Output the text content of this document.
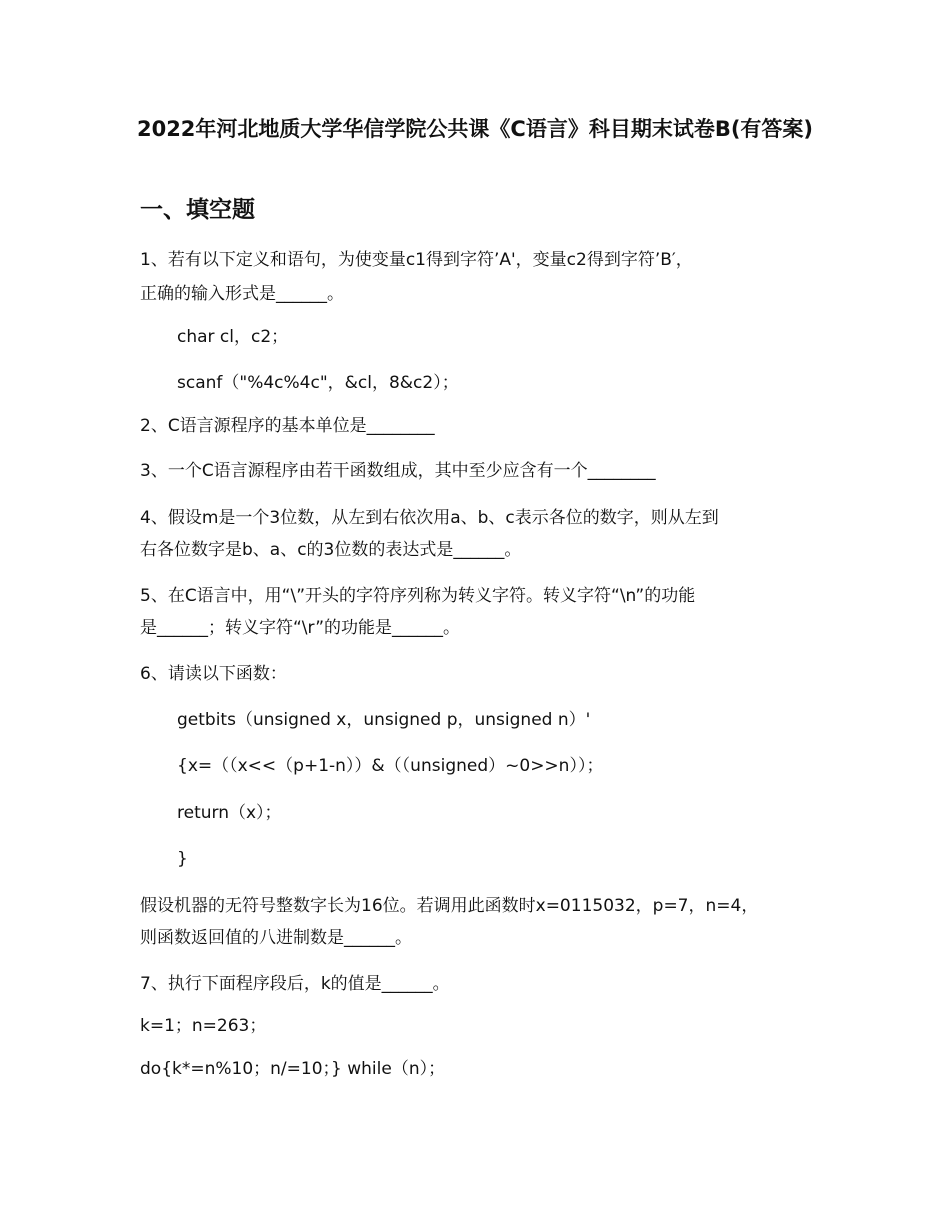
2022年河北地质大学华信学院公共课《C语言》科目期末试卷B(有答案)
一、填空题
1、若有以下定义和语句，为使变量c1得到字符’A'，变量c2得到字符’B′，
正确的输入形式是______。
char cl，c2；
scanf（"%4c%4c"，&cl，8&c2）；
2、C语言源程序的基本单位是________
3、一个C语言源程序由若干函数组成，其中至少应含有一个________
4、假设m是一个3位数，从左到右依次用a、b、c表示各位的数字，则从左到
右各位数字是b、a、c的3位数的表达式是______。
5、在C语言中，用“\”开头的字符序列称为转义字符。转义字符“\n”的功能
是______；转义字符“\r”的功能是______。
6、请读以下函数：
getbits（unsigned x，unsigned p，unsigned n）'
{x=（（x<<（p+1-n））&（（unsigned）~0>>n））；
return（x）；
}
假设机器的无符号整数字长为16位。若调用此函数时x=0115032，p=7，n=4，
则函数返回值的八进制数是______。
7、执行下面程序段后，k的值是______。
k=1；n=263；
do{k*=n%10；n/=10；} while（n）；
